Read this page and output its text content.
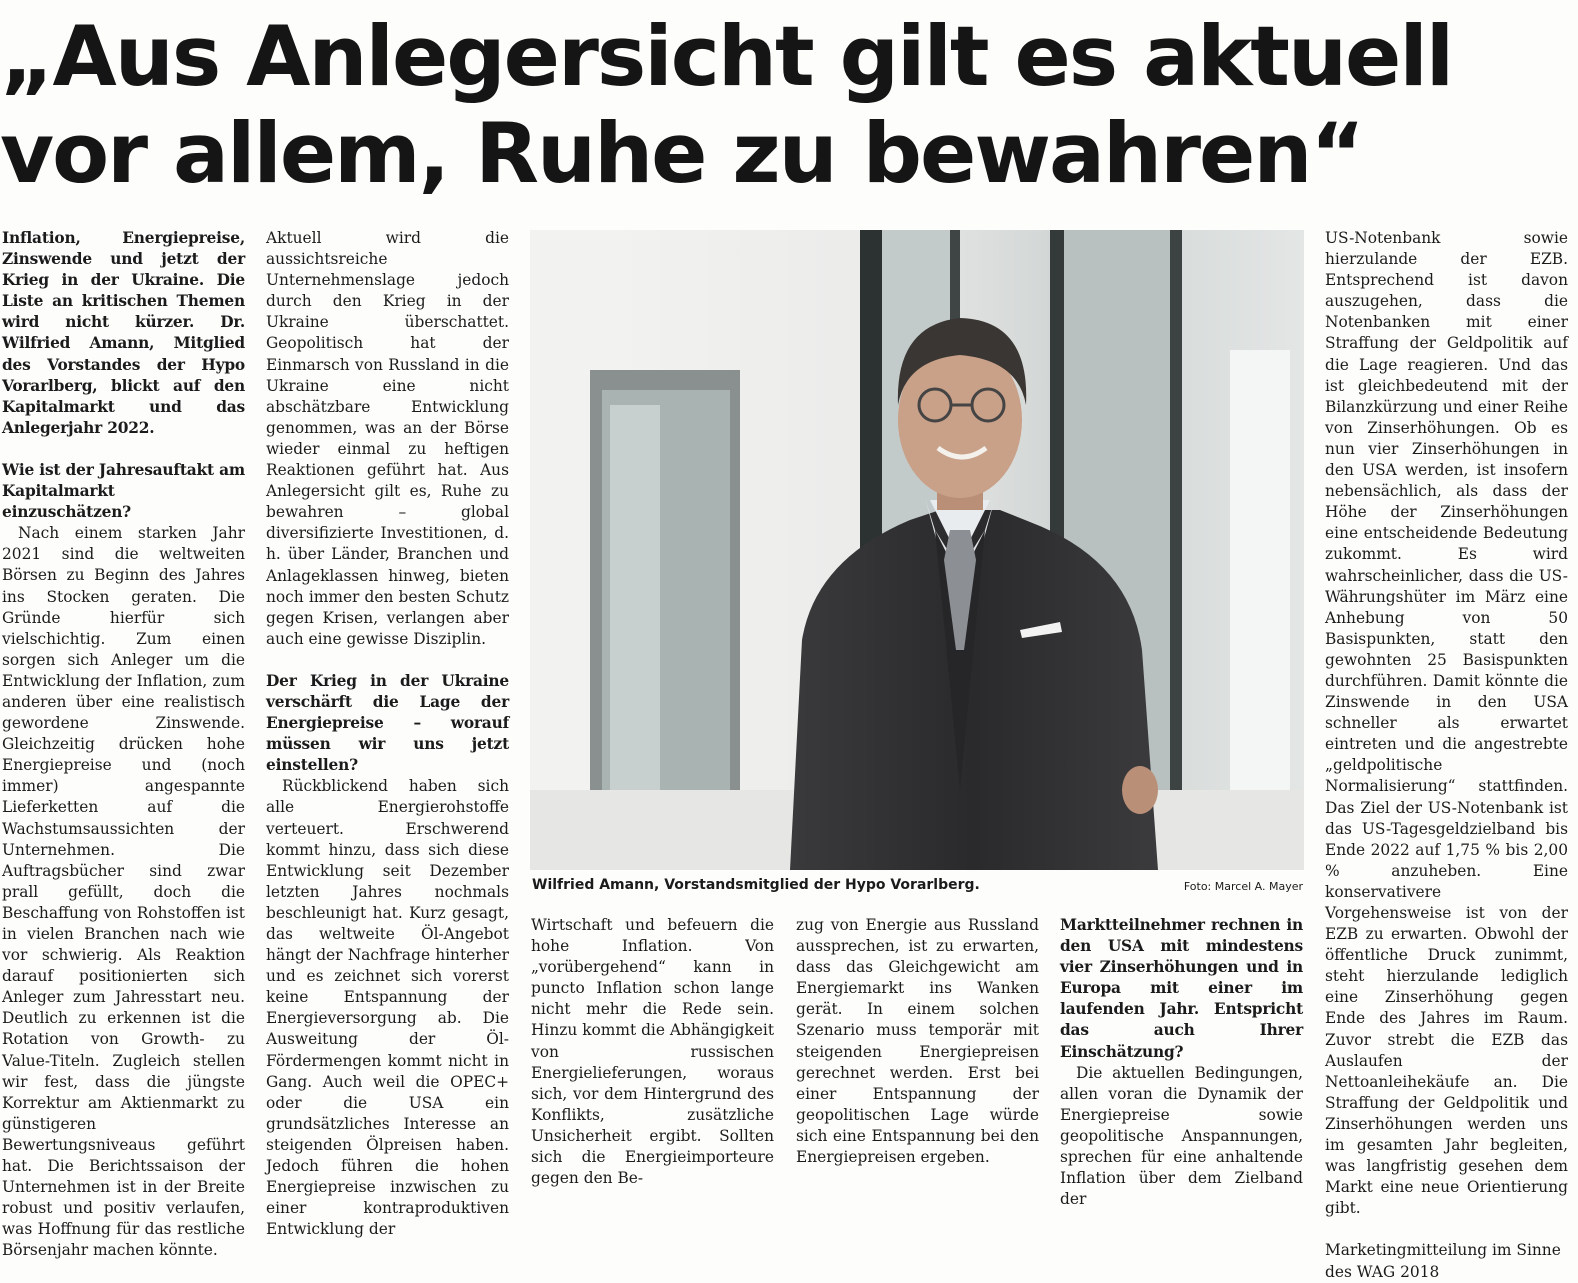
„Aus Anlegersicht gilt es aktuell
vor allem, Ruhe zu bewahren“

Inflation, Energiepreise, Zinswende und jetzt der Krieg in der Ukraine. Die Liste an kritischen Themen wird nicht kürzer. Dr. Wilfried Amann, Mitglied des Vorstandes der Hypo Vorarlberg, blickt auf den Kapitalmarkt und das Anlegerjahr 2022.

Wie ist der Jahresauftakt am Kapitalmarkt einzuschätzen?

Nach einem starken Jahr 2021 sind die weltweiten Börsen zu Beginn des Jahres ins Stocken geraten. Die Gründe hierfür sich vielschichtig. Zum einen sorgen sich Anleger um die Entwicklung der Inflation, zum anderen über eine realistisch gewordene Zinswende. Gleichzeitig drücken hohe Energiepreise und (noch immer) angespannte Lieferketten auf die Wachstumsaussichten der Unternehmen. Die Auftragsbücher sind zwar prall gefüllt, doch die Beschaffung von Rohstoffen ist in vielen Branchen nach wie vor schwierig. Als Reaktion darauf positionierten sich Anleger zum Jahresstart neu. Deutlich zu erkennen ist die Rotation von Growth- zu Value-Titeln. Zugleich stellen wir fest, dass die jüngste Korrektur am Aktienmarkt zu günstigeren Bewertungsniveaus geführt hat. Die Berichtssaison der Unternehmen ist in der Breite robust und positiv verlaufen, was Hoffnung für das restliche Börsenjahr machen könnte.

Aktuell wird die aussichtsreiche Unternehmenslage jedoch durch den Krieg in der Ukraine überschattet. Geopolitisch hat der Einmarsch von Russland in die Ukraine eine nicht abschätzbare Entwicklung genommen, was an der Börse wieder einmal zu heftigen Reaktionen geführt hat. Aus Anlegersicht gilt es, Ruhe zu bewahren – global diversifizierte Investitionen, d. h. über Länder, Branchen und Anlageklassen hinweg, bieten noch immer den besten Schutz gegen Krisen, verlangen aber auch eine gewisse Disziplin.

Der Krieg in der Ukraine verschärft die Lage der Energiepreise – worauf müssen wir uns jetzt einstellen?

Rückblickend haben sich alle Energierohstoffe verteuert. Erschwerend kommt hinzu, dass sich diese Entwicklung seit Dezember letzten Jahres nochmals beschleunigt hat. Kurz gesagt, das weltweite Öl-Angebot hängt der Nachfrage hinterher und es zeichnet sich vorerst keine Entspannung der Energieversorgung ab. Die Ausweitung der Öl-Fördermengen kommt nicht in Gang. Auch weil die OPEC+ oder die USA ein grundsätzliches Interesse an steigenden Ölpreisen haben. Jedoch führen die hohen Energiepreise inzwischen zu einer kontraproduktiven Entwicklung der

Wilfried Amann, Vorstandsmitglied der Hypo Vorarlberg.	Foto: Marcel A. Mayer

Wirtschaft und befeuern die hohe Inflation. Von „vorübergehend“ kann in puncto Inflation schon lange nicht mehr die Rede sein. Hinzu kommt die Abhängigkeit von russischen Energielieferungen, woraus sich, vor dem Hintergrund des Konflikts, zusätzliche Unsicherheit ergibt. Sollten sich die Energieimporteure gegen den Be-

zug von Energie aus Russland aussprechen, ist zu erwarten, dass das Gleichgewicht am Energiemarkt ins Wanken gerät. In einem solchen Szenario muss temporär mit steigenden Energiepreisen gerechnet werden. Erst bei einer Entspannung der geopolitischen Lage würde sich eine Entspannung bei den Energiepreisen ergeben.

Marktteilnehmer rechnen in den USA mit mindestens vier Zinserhöhungen und in Europa mit einer im laufenden Jahr. Entspricht das auch Ihrer Einschätzung?

Die aktuellen Bedingungen, allen voran die Dynamik der Energiepreise sowie geopolitische Anspannungen, sprechen für eine anhaltende Inflation über dem Zielband der

US-Notenbank sowie hierzulande der EZB. Entsprechend ist davon auszugehen, dass die Notenbanken mit einer Straffung der Geldpolitik auf die Lage reagieren. Und das ist gleichbedeutend mit der Bilanzkürzung und einer Reihe von Zinserhöhungen. Ob es nun vier Zinserhöhungen in den USA werden, ist insofern nebensächlich, als dass der Höhe der Zinserhöhungen eine entscheidende Bedeutung zukommt. Es wird wahrscheinlicher, dass die US-Währungshüter im März eine Anhebung von 50 Basispunkten, statt den gewohnten 25 Basispunkten durchführen. Damit könnte die Zinswende in den USA schneller als erwartet eintreten und die angestrebte „geldpolitische Normalisierung“ stattfinden. Das Ziel der US-Notenbank ist das US-Tagesgeldzielband bis Ende 2022 auf 1,75 % bis 2,00 % anzuheben. Eine konservativere Vorgehensweise ist von der EZB zu erwarten. Obwohl der öffentliche Druck zunimmt, steht hierzulande lediglich eine Zinserhöhung gegen Ende des Jahres im Raum. Zuvor strebt die EZB das Auslaufen der Nettoanleihekäufe an. Die Straffung der Geldpolitik und Zinserhöhungen werden uns im gesamten Jahr begleiten, was langfristig gesehen dem Markt eine neue Orientierung gibt.

Marketingmitteilung im Sinne des WAG 2018
